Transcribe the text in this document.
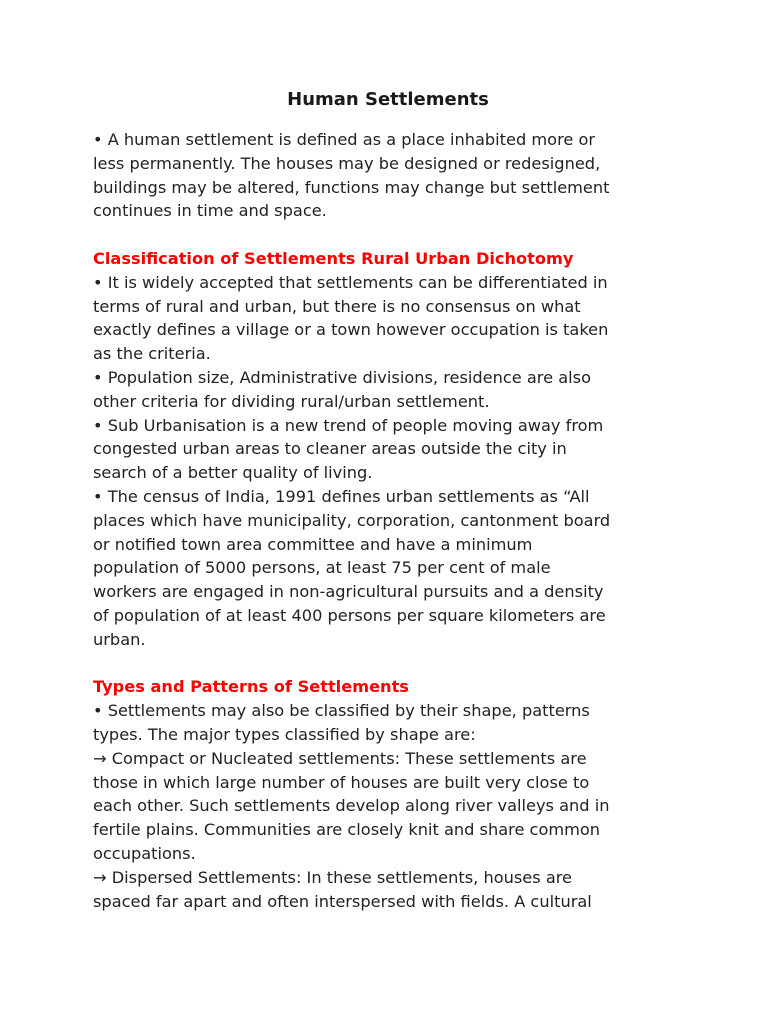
Human Settlements
• A human settlement is defined as a place inhabited more or
less permanently. The houses may be designed or redesigned,
buildings may be altered, functions may change but settlement
continues in time and space.
Classification of Settlements Rural Urban Dichotomy
• It is widely accepted that settlements can be differentiated in
terms of rural and urban, but there is no consensus on what
exactly defines a village or a town however occupation is taken
as the criteria.
• Population size, Administrative divisions, residence are also
other criteria for dividing rural/urban settlement.
• Sub Urbanisation is a new trend of people moving away from
congested urban areas to cleaner areas outside the city in
search of a better quality of living.
• The census of India, 1991 defines urban settlements as “All
places which have municipality, corporation, cantonment board
or notified town area committee and have a minimum
population of 5000 persons, at least 75 per cent of male
workers are engaged in non-agricultural pursuits and a density
of population of at least 400 persons per square kilometers are
urban.
Types and Patterns of Settlements
• Settlements may also be classified by their shape, patterns
types. The major types classified by shape are:
→ Compact or Nucleated settlements: These settlements are
those in which large number of houses are built very close to
each other. Such settlements develop along river valleys and in
fertile plains. Communities are closely knit and share common
occupations.
→ Dispersed Settlements: In these settlements, houses are
spaced far apart and often interspersed with fields. A cultural
